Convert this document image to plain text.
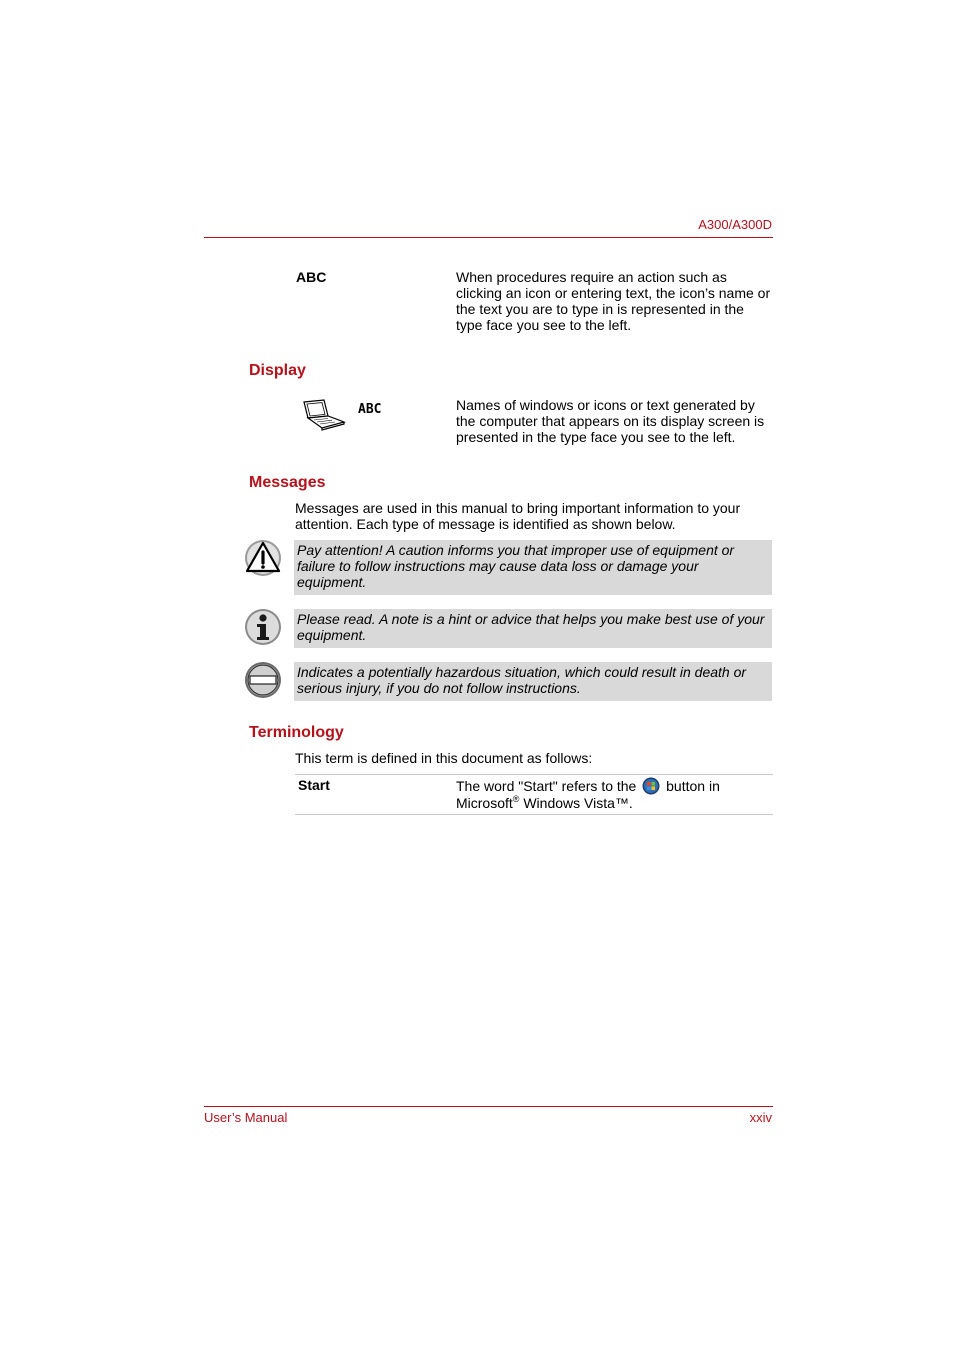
A300/A300D
ABC	When procedures require an action such as clicking an icon or entering text, the icon’s name or the text you are to type in is represented in the type face you see to the left.
Display
ABC	Names of windows or icons or text generated by the computer that appears on its display screen is presented in the type face you see to the left.
Messages
Messages are used in this manual to bring important information to your attention. Each type of message is identified as shown below.
Pay attention! A caution informs you that improper use of equipment or failure to follow instructions may cause data loss or damage your equipment.
Please read. A note is a hint or advice that helps you make best use of your equipment.
Indicates a potentially hazardous situation, which could result in death or serious injury, if you do not follow instructions.
Terminology
This term is defined in this document as follows:
Start	The word "Start" refers to the button in Microsoft® Windows Vista™.
User’s Manual	xxiv
